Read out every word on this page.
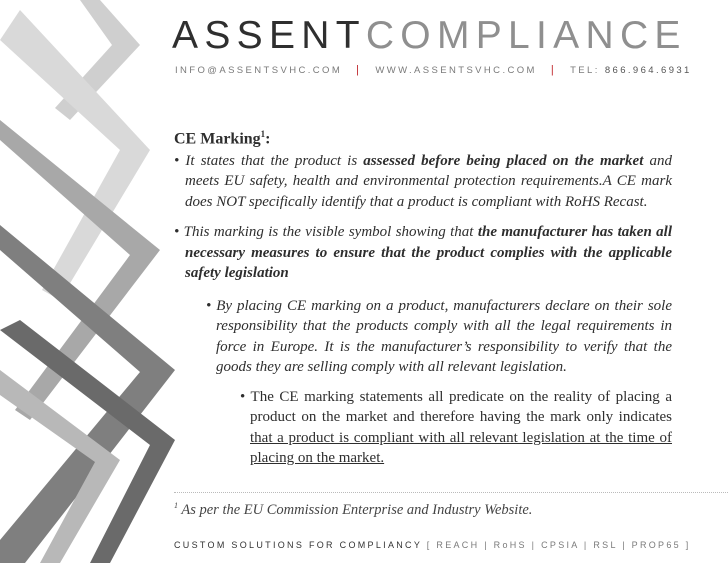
ASSENTCOMPLIANCE
INFO@ASSENTSVHC.COM | WWW.ASSENTSVHC.COM | TEL: 866.964.6931
CE Marking$^1$:
• It states that the product is assessed before being placed on the market and meets EU safety, health and environmental protection requirements.A CE mark does NOT specifically identify that a product is compliant with RoHS Recast.
• This marking is the visible symbol showing that the manufacturer has taken all necessary measures to ensure that the product complies with the applicable safety legislation
• By placing CE marking on a product, manufacturers declare on their sole responsibility that the products comply with all the legal requirements in force in Europe. It is the manufacturer’s responsibility to verify that the goods they are selling comply with all relevant legislation.
• The CE marking statements all predicate on the reality of placing a product on the market and therefore having the mark only indicates that a product is compliant with all relevant legislation at the time of placing on the market.
$^1$ As per the EU Commission Enterprise and Industry Website.
CUSTOM SOLUTIONS FOR COMPLIANCY [ REACH | RoHS | CPSIA | RSL | PROP65 ]
